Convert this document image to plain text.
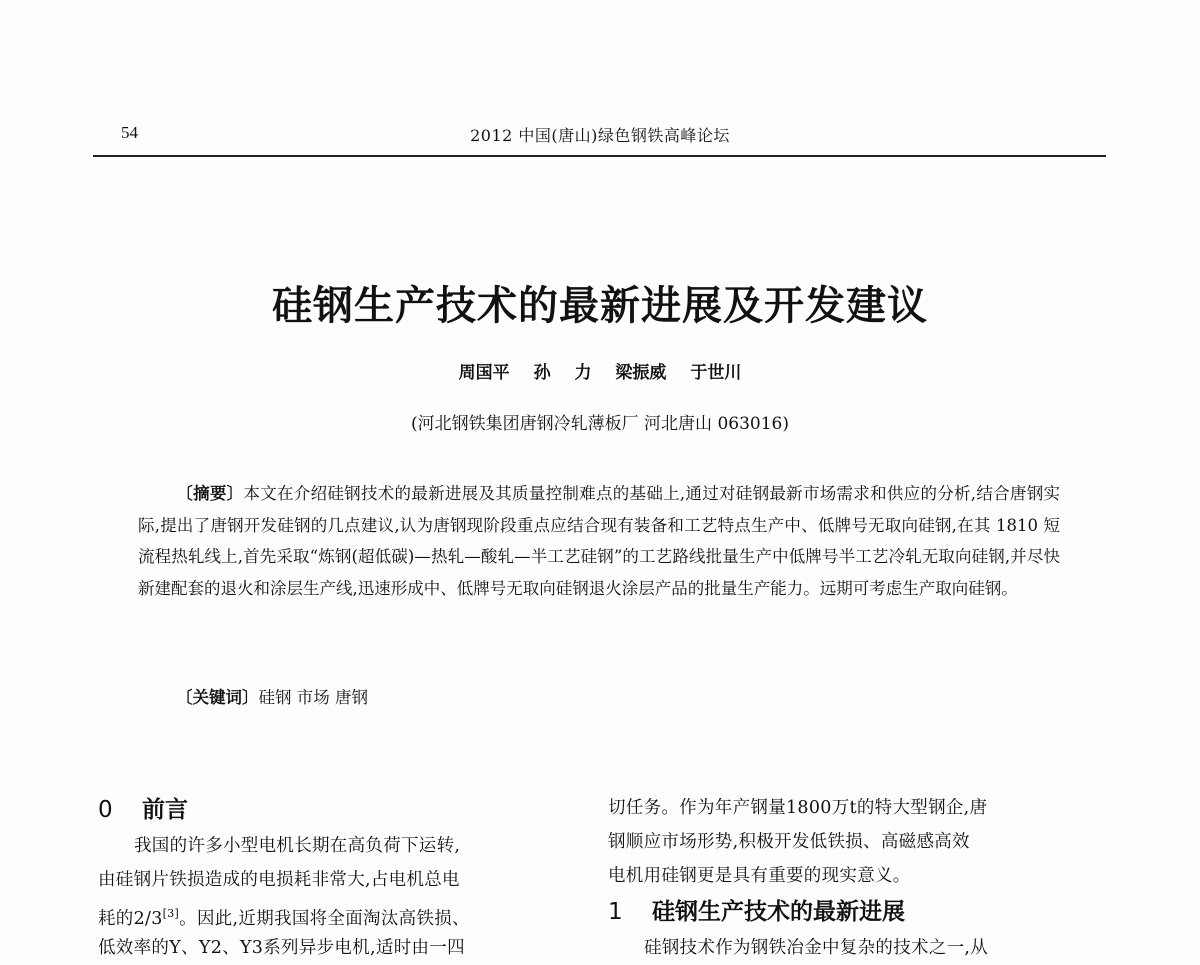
54	2012 中国(唐山)绿色钢铁高峰论坛
硅钢生产技术的最新进展及开发建议
周国平 孙 力 梁振威 于世川
(河北钢铁集团唐钢冷轧薄板厂 河北唐山 063016)
〔摘要〕本文在介绍硅钢技术的最新进展及其质量控制难点的基础上,通过对硅钢最新市场需求和供应的分析,结合唐钢实际,提出了唐钢开发硅钢的几点建议,认为唐钢现阶段重点应结合现有装备和工艺特点生产中、低牌号无取向硅钢,在其 1810 短流程热轧线上,首先采取“炼钢(超低碳)—热轧—酸轧—半工艺硅钢”的工艺路线批量生产中低牌号半工艺冷轧无取向硅钢,并尽快新建配套的退火和涂层生产线,迅速形成中、低牌号无取向硅钢退火涂层产品的批量生产能力。远期可考虑生产取向硅钢。
〔关键词〕硅钢 市场 唐钢
0 前言
我国的许多小型电机长期在高负荷下运转,
由硅钢片铁损造成的电损耗非常大,占电机总电
耗的2/3[3]。因此,近期我国将全面淘汰高铁损、
低效率的Y、Y2、Y3系列异步电机,适时由一四
切任务。作为年产钢量1800万t的特大型钢企,唐
钢顺应市场形势,积极开发低铁损、高磁感高效
电机用硅钢更是具有重要的现实意义。
1 硅钢生产技术的最新进展
硅钢技术作为钢铁冶金中复杂的技术之一,从
